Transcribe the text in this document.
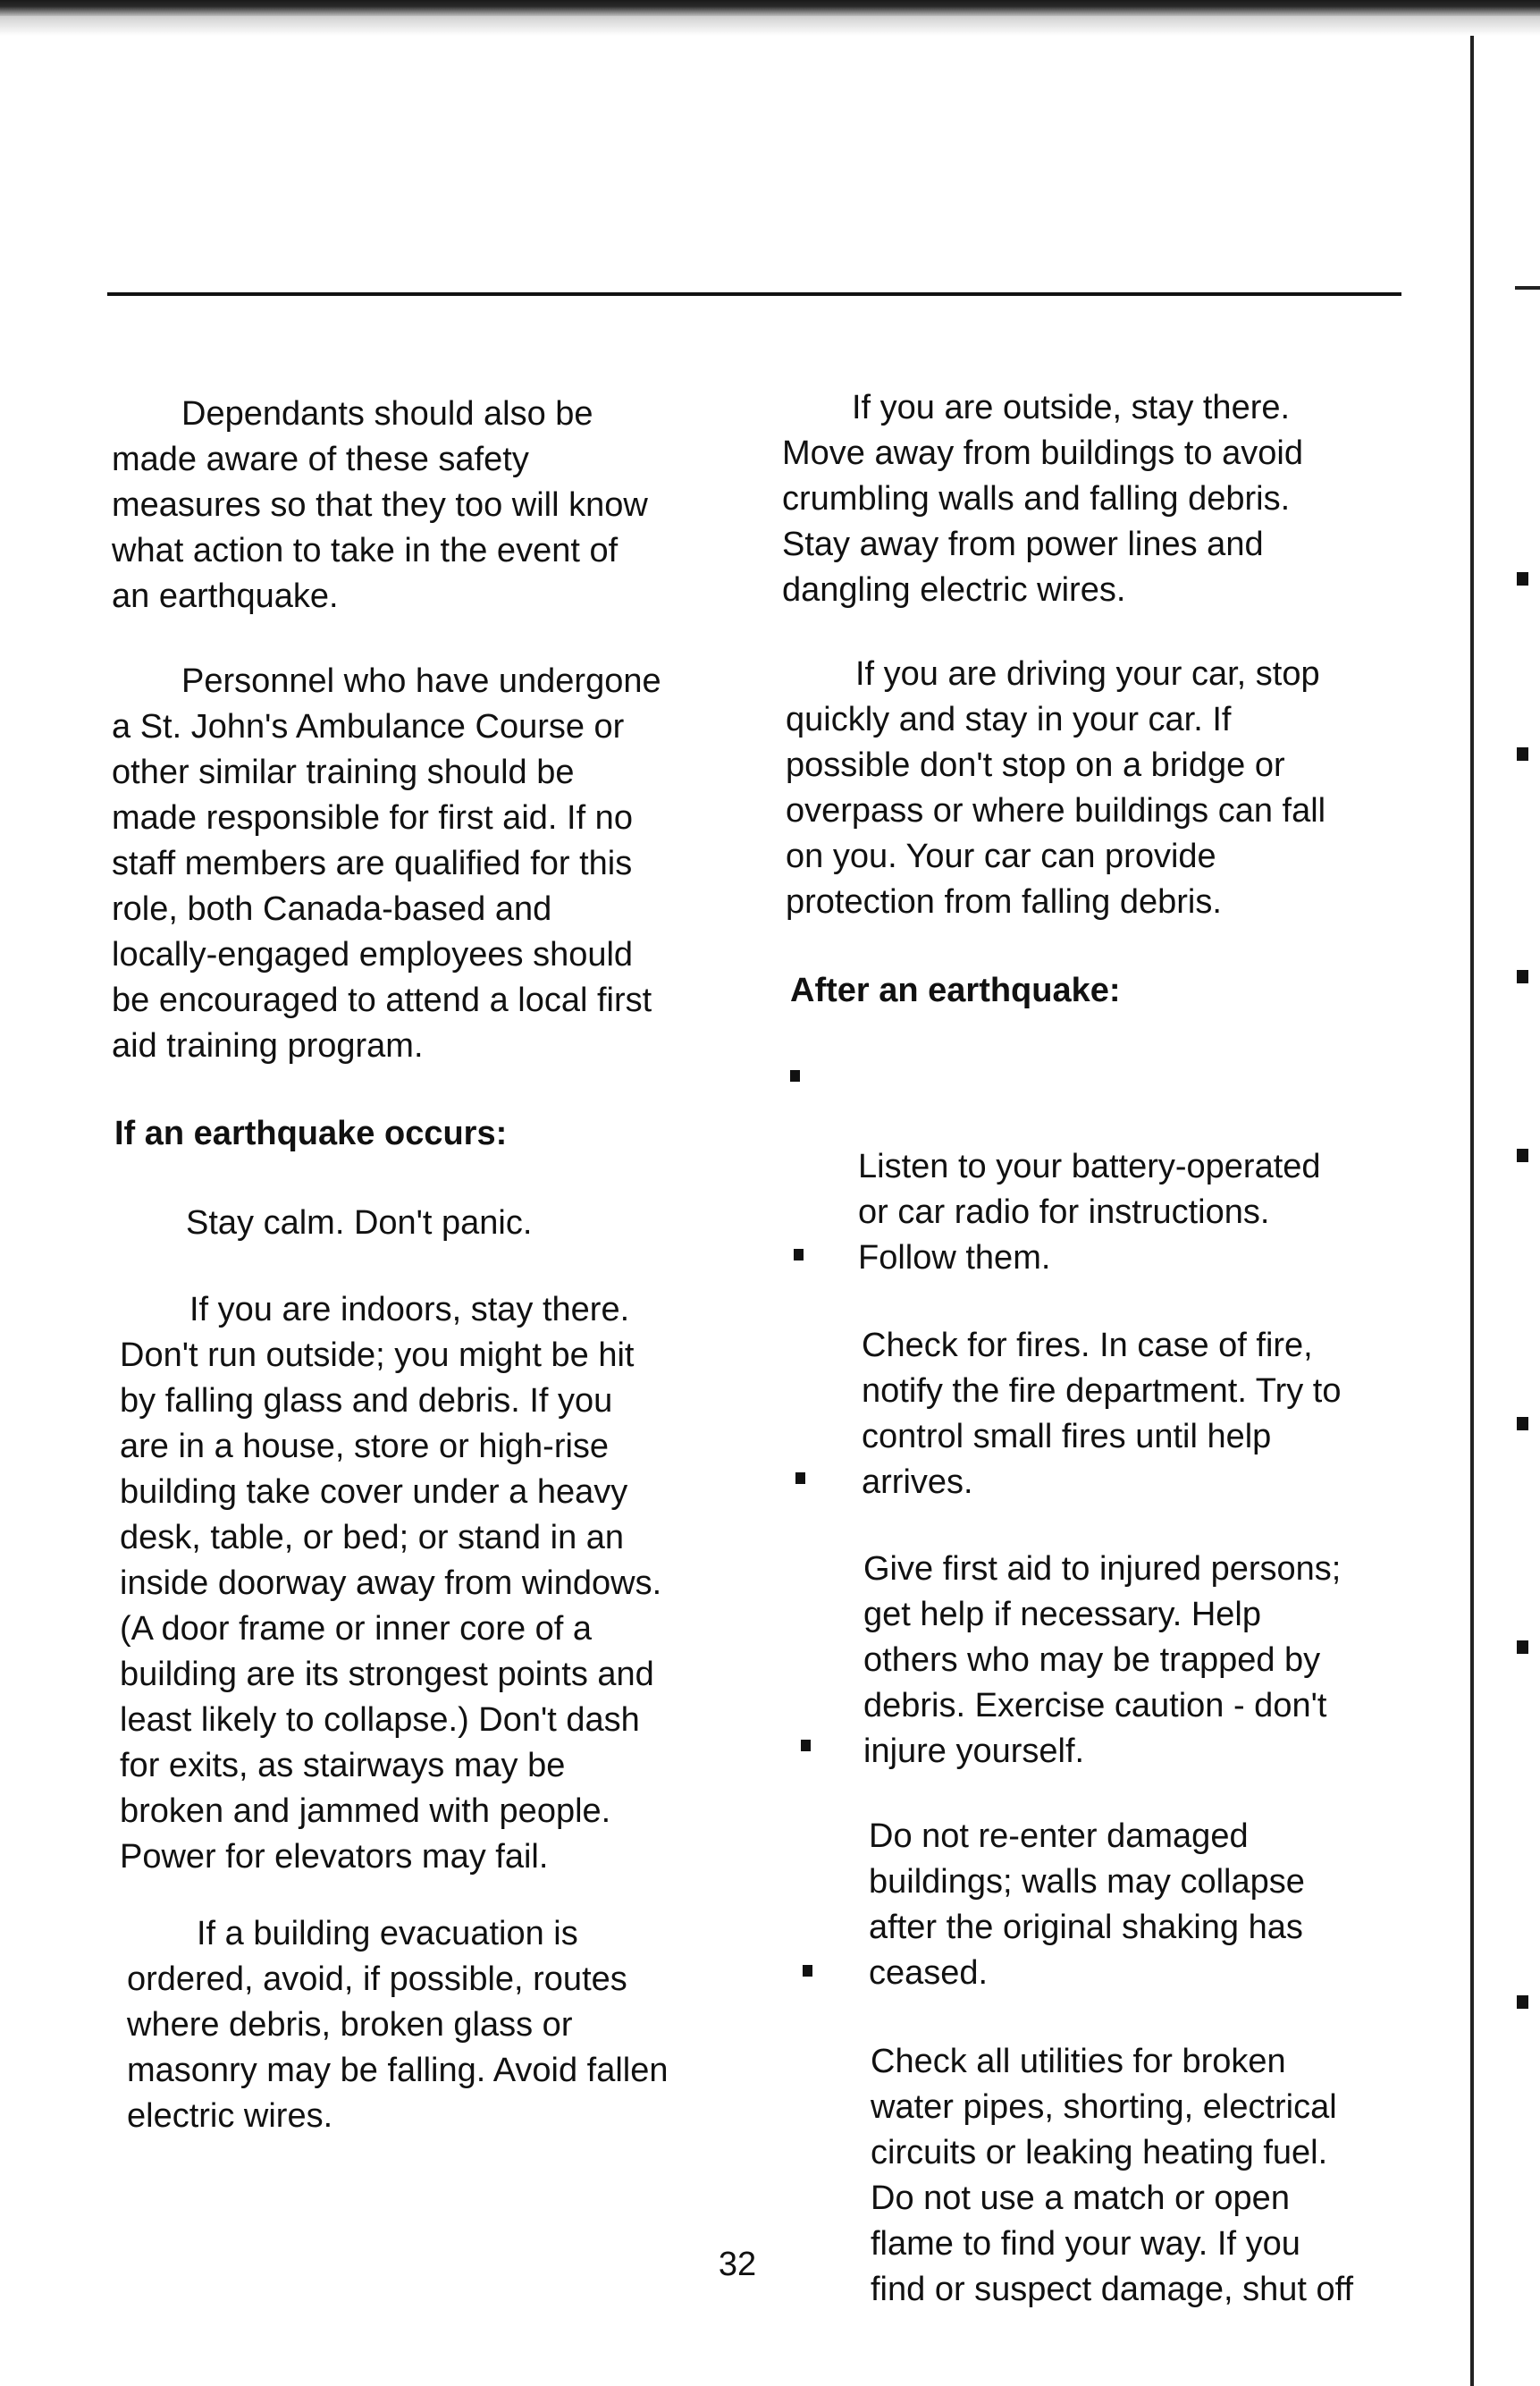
Dependants should also be
made aware of these safety
measures so that they too will know
what action to take in the event of
an earthquake.

Personnel who have undergone
a St. John's Ambulance Course or
other similar training should be
made responsible for first aid. If no
staff members are qualified for this
role, both Canada-based and
locally-engaged employees should
be encouraged to attend a local first
aid training program.

If an earthquake occurs:

Stay calm. Don't panic.

If you are indoors, stay there.
Don't run outside; you might be hit
by falling glass and debris. If you
are in a house, store or high-rise
building take cover under a heavy
desk, table, or bed; or stand in an
inside doorway away from windows.
(A door frame or inner core of a
building are its strongest points and
least likely to collapse.) Don't dash
for exits, as stairways may be
broken and jammed with people.
Power for elevators may fail.

If a building evacuation is
ordered, avoid, if possible, routes
where debris, broken glass or
masonry may be falling. Avoid fallen
electric wires.

If you are outside, stay there.
Move away from buildings to avoid
crumbling walls and falling debris.
Stay away from power lines and
dangling electric wires.

If you are driving your car, stop
quickly and stay in your car. If
possible don't stop on a bridge or
overpass or where buildings can fall
on you. Your car can provide
protection from falling debris.

After an earthquake:

Listen to your battery-operated
or car radio for instructions.
Follow them.

Check for fires. In case of fire,
notify the fire department. Try to
control small fires until help
arrives.

Give first aid to injured persons;
get help if necessary. Help
others who may be trapped by
debris. Exercise caution - don't
injure yourself.

Do not re-enter damaged
buildings; walls may collapse
after the original shaking has
ceased.

Check all utilities for broken
water pipes, shorting, electrical
circuits or leaking heating fuel.
Do not use a match or open
flame to find your way. If you
find or suspect damage, shut off

32
